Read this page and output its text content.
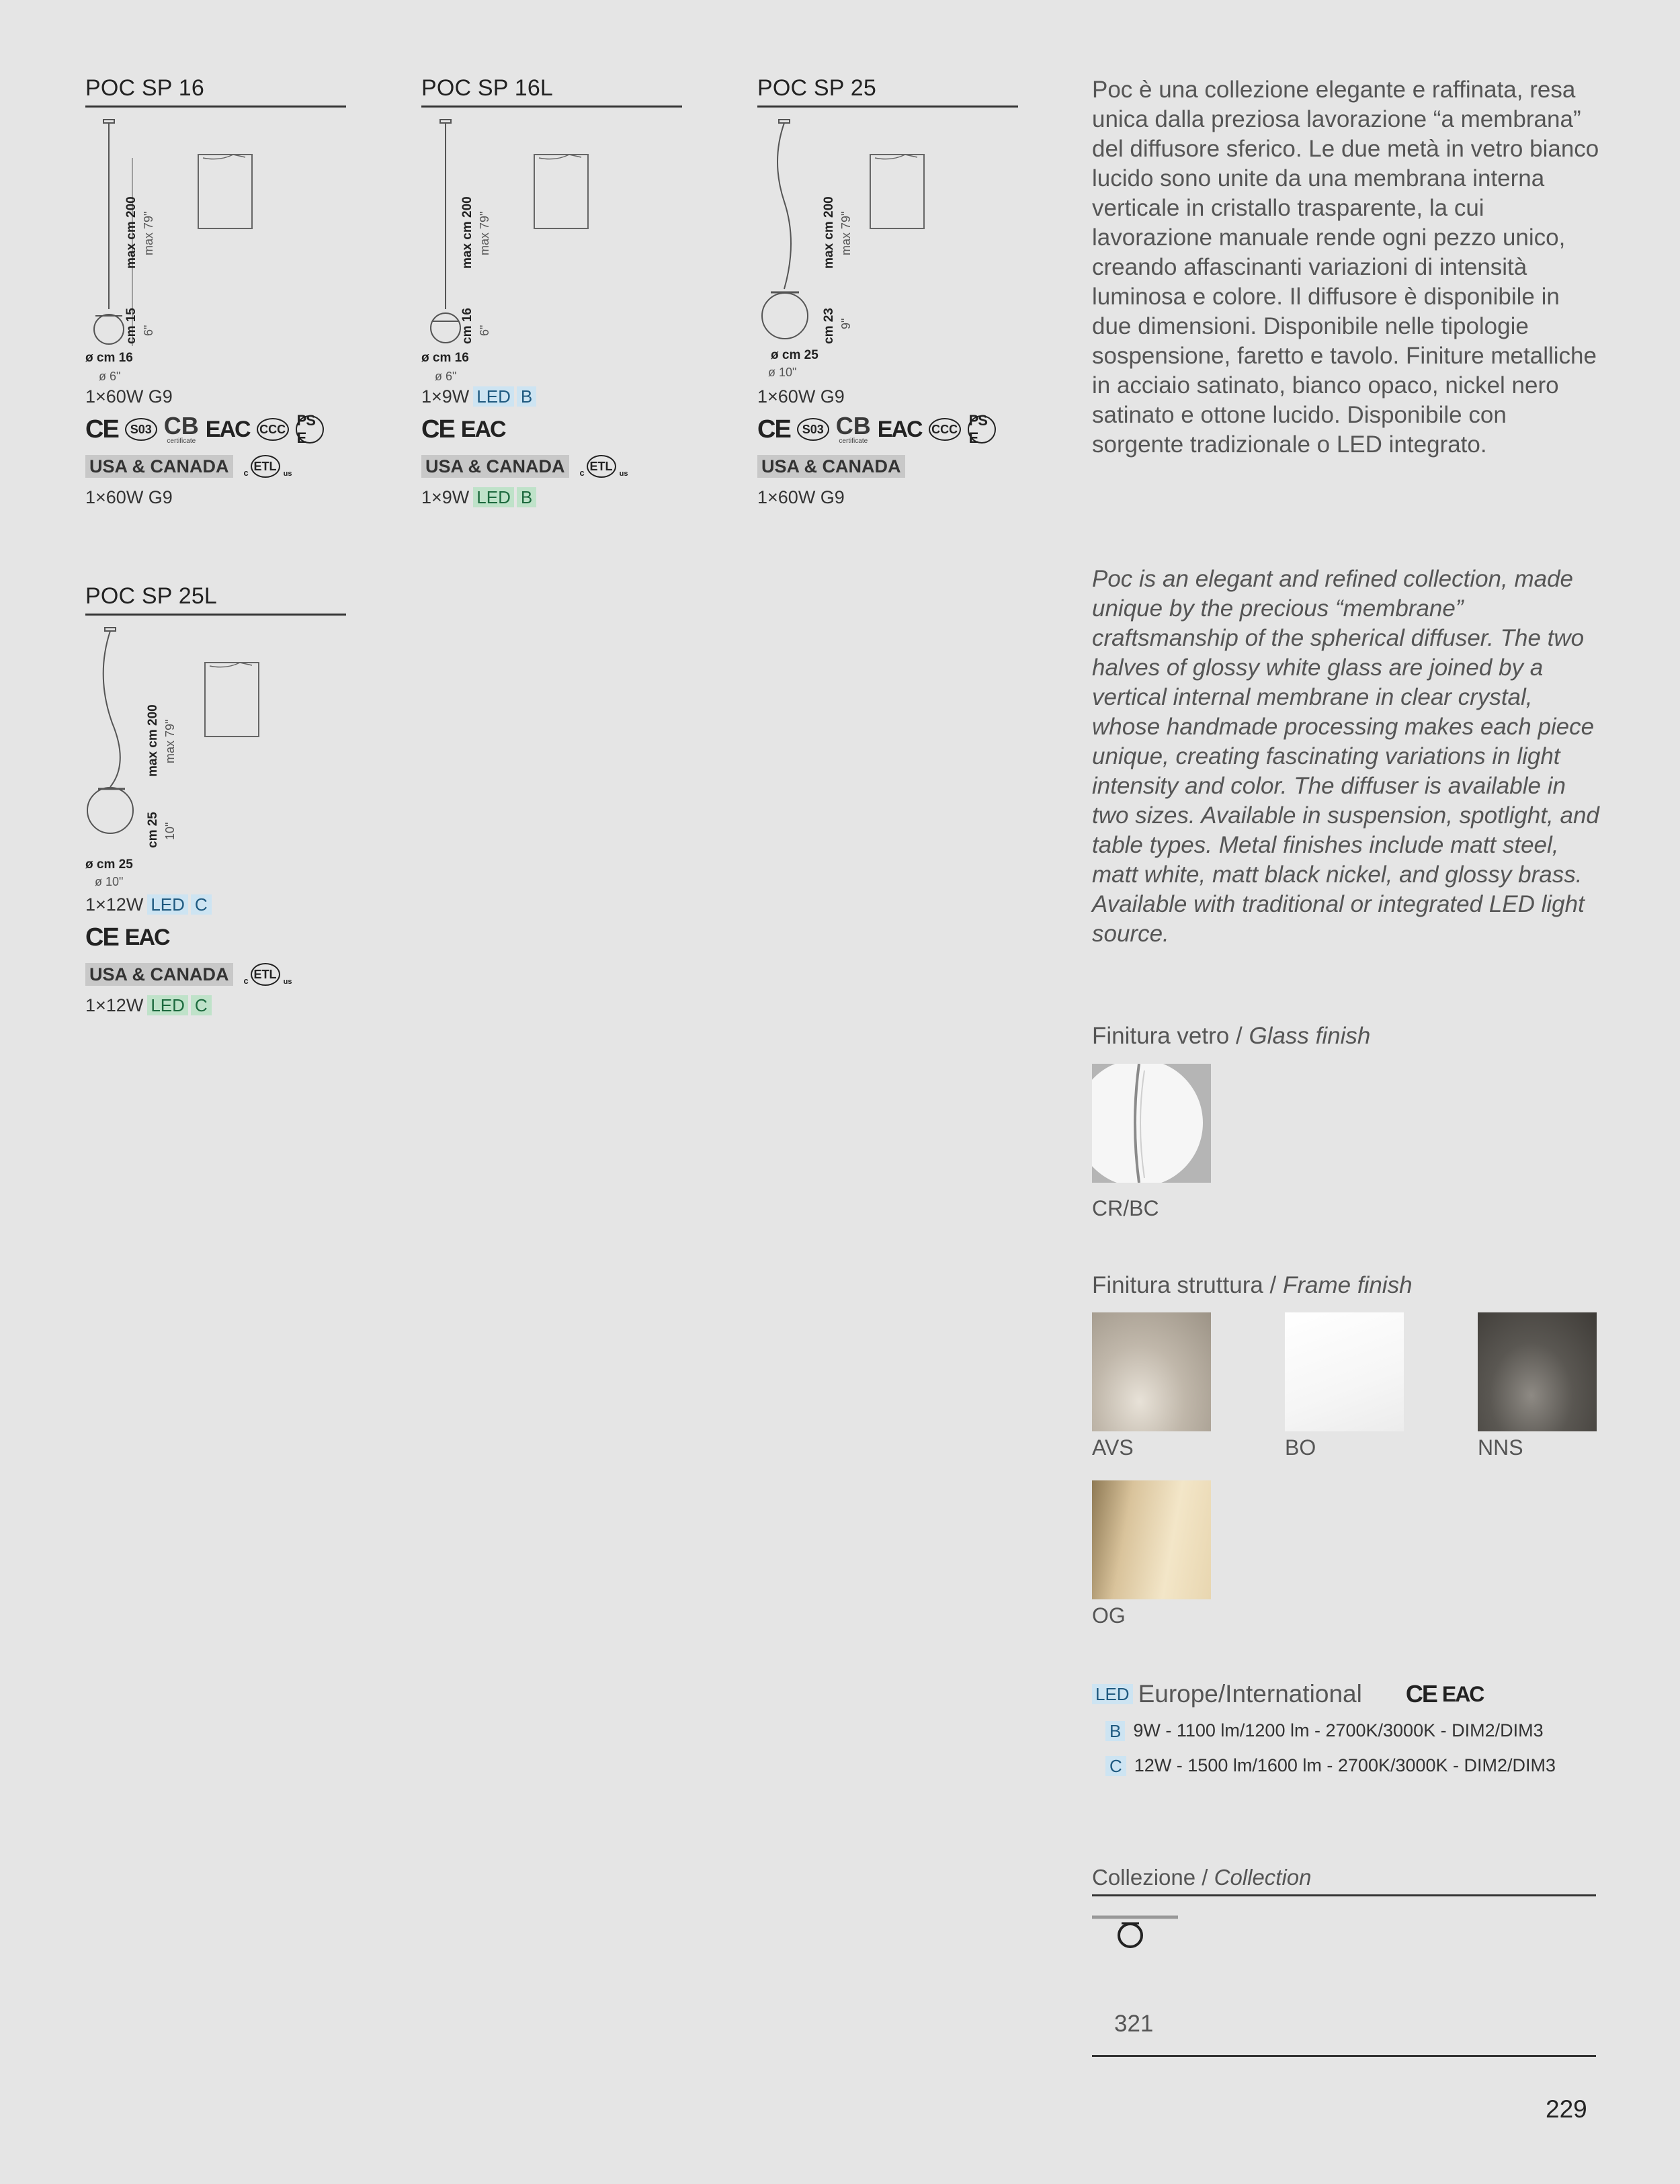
POC SP 16
max cm 200 max 79"
cm 15 6"
ø cm 16
ø 6"
1×60W G9
CE S03 CB
certificate EAC CCC
PS E
USA & CANADA	c ETL us
1×60W G9
POC SP 16L
max cm 200 max 79"
cm 16 6"
ø cm 16
ø 6"
1×9W LED B
CE EAC
USA & CANADA	c ETL us
1×9W LED B
POC SP 25
max cm 200 max 79"
cm 23 9"
ø cm 25
ø 10"
1×60W G9
CE S03 CB
certificate EAC CCC
PS E
USA & CANADA
1×60W G9
POC SP 25L
max cm 200 max 79"
cm 25 10"
ø cm 25
ø 10"
1×12W LED C
CE EAC
USA & CANADA	c ETL us
1×12W LED C

Poc è una collezione elegante e raffinata, resa unica dalla preziosa lavorazione “a membrana” del diffusore sferico. Le due metà in vetro bianco lucido sono unite da una membrana interna verticale in cristallo trasparente, la cui lavorazione manuale rende ogni pezzo unico, creando affascinanti variazioni di intensità luminosa e colore. Il diffusore è disponibile in due dimensioni. Disponibile nelle tipologie sospensione, faretto e tavolo. Finiture metalliche in acciaio satinato, bianco opaco, nickel nero satinato e ottone lucido. Disponibile con sorgente tradizionale o LED integrato.

Poc is an elegant and refined collection, made unique by the precious “membrane” craftsmanship of the spherical diffuser. The two halves of glossy white glass are joined by a vertical internal membrane in clear crystal, whose handmade processing makes each piece unique, creating fascinating variations in light intensity and color. The diffuser is available in two sizes. Available in suspension, spotlight, and table types. Metal finishes include matt steel, matt white, matt black nickel, and glossy brass. Available with traditional or integrated LED light source.

Finitura vetro / Glass finish
CR/BC
Finitura struttura / Frame finish
AVS	BO	NNS
OG
LED Europe/International CE EAC
B 9W - 1100 lm/1200 lm - 2700K/3000K - DIM2/DIM3
C 12W - 1500 lm/1600 lm - 2700K/3000K - DIM2/DIM3
Collezione / Collection
321
229
